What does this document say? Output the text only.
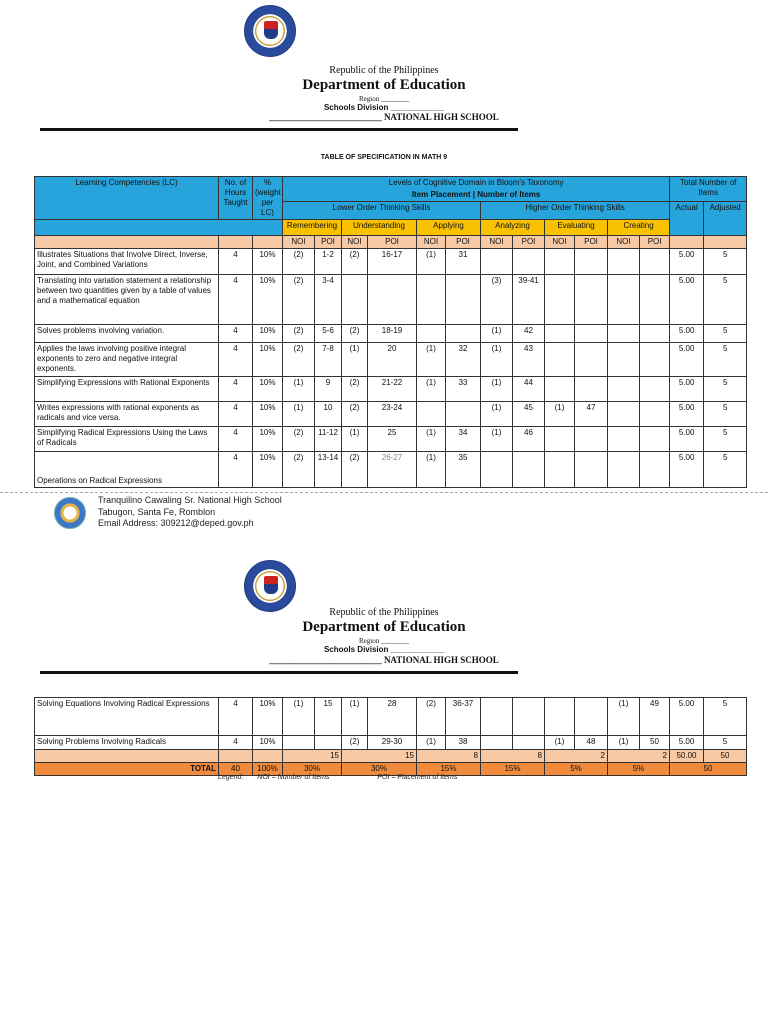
Republic of the Philippines
Department of Education
Region ________
Schools Division ____________
_________________________ NATIONAL HIGH SCHOOL
TABLE OF SPECIFICATION IN MATH 9
Learning Competencies (LC)	No. of Hours Taught	% (weight per LC)	Levels of Cognitive Domain in Bloom's Taxonomy												Total Number of Items	
			Item Placement | Number of Items													
			Lower Order Thinking Skills						Higher Order Thinking Skills						Actual	Adjusted
			Remembering		Understanding		Applying		Analyzing		Evaluating		Creating			
			NOI	POI	NOI	POI	NOI	POI	NOI	POI	NOI	POI	NOI	POI		
Illustrates Situations that Involve Direct, Inverse, Joint, and Combined Variations	4	10%	(2)	1-2	(2)	16-17	(1)	31							5.00	5
Translating into variation statement a relationship between two quantities given by a table of values and a mathematical equation	4	10%	(2)	3-4					(3)	39-41					5.00	5
Solves problems involving variation.	4	10%	(2)	5-6	(2)	18-19			(1)	42					5.00	5
Applies the laws involving positive integral exponents to zero and negative integral exponents.	4	10%	(2)	7-8	(1)	20	(1)	32	(1)	43					5.00	5
Simplifying Expressions with Rational Exponents	4	10%	(1)	9	(2)	21-22	(1)	33	(1)	44					5.00	5
Writes expressions with rational exponents as radicals and vice versa.	4	10%	(1)	10	(2)	23-24			(1)	45	(1)	47			5.00	5
Simplifying Radical Expressions Using the Laws of Radicals	4	10%	(2)	11-12	(1)	25	(1)	34	(1)	46					5.00	5
Operations on Radical Expressions	4	10%	(2)	13-14	(2)	26-27	(1)	35							5.00	5
Tranquilino Cawaling Sr. National High School
Tabugon, Santa Fe, Romblon
Email Address: 309212@deped.gov.ph
Republic of the Philippines
Department of Education
Region ________
Schools Division ____________
_________________________ NATIONAL HIGH SCHOOL
Solving Equations Involving Radical Expressions	4	10%	(1)	15	(1)	28	(2)	36-37					(1)	49	5.00	5
Solving Problems Involving Radicals	4	10%			(2)	29-30	(1)	38			(1)	48	(1)	50	5.00	5
			15		15		8		8		2		2		50.00	50
TOTAL	40	100%	30%		30%		15%		15%		5%		5%		50	
Legend: NOI = Number of Items	POI = Placement of Items
